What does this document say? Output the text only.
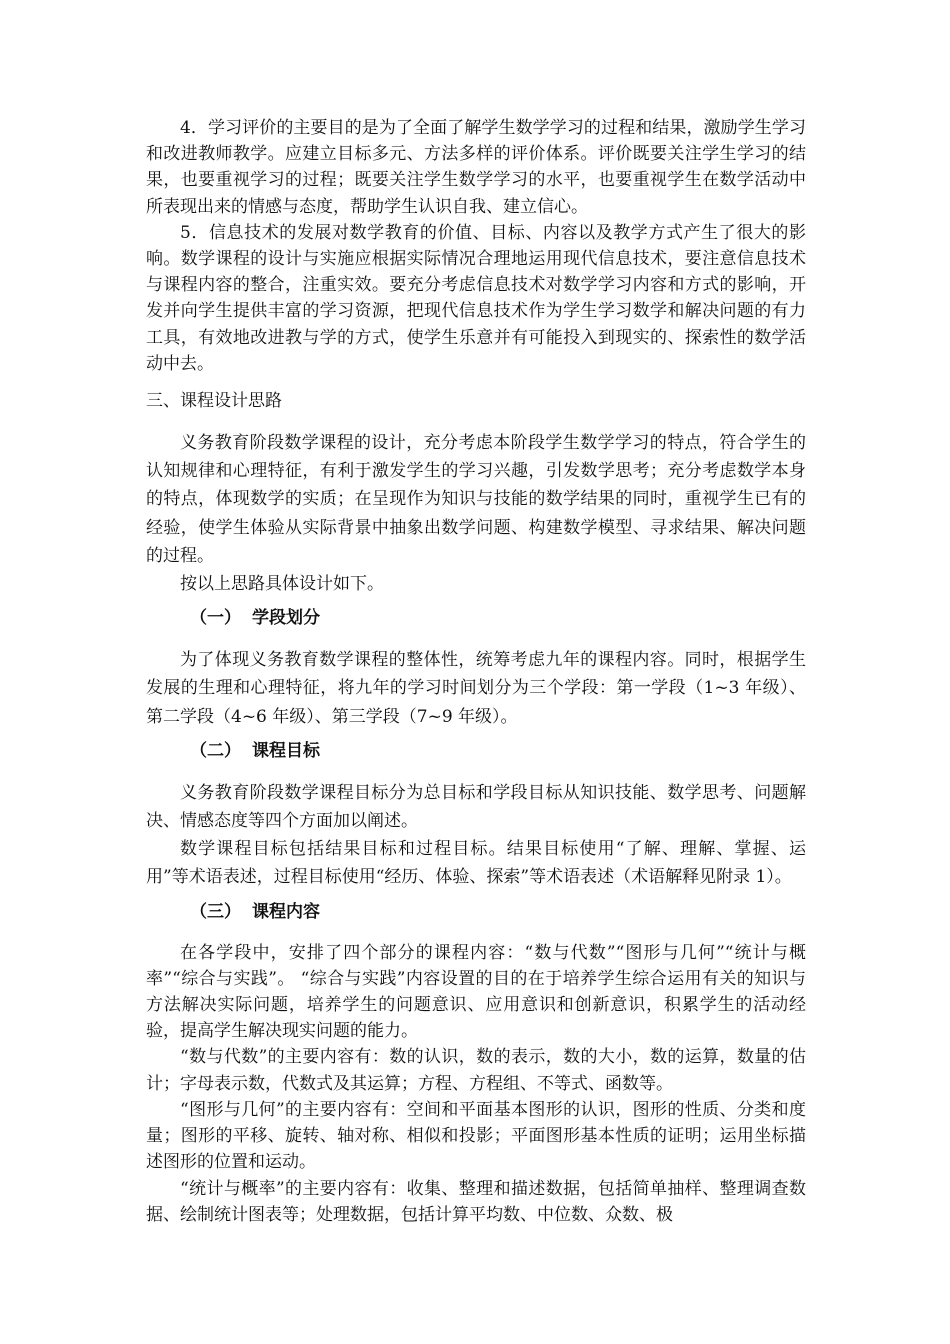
4．学习评价的主要目的是为了全面了解学生数学学习的过程和结果，激励学生学习和改进教师教学。应建立目标多元、方法多样的评价体系。评价既要关注学生学习的结果，也要重视学习的过程；既要关注学生数学学习的水平，也要重视学生在数学活动中所表现出来的情感与态度，帮助学生认识自我、建立信心。

5．信息技术的发展对数学教育的价值、目标、内容以及教学方式产生了很大的影响。数学课程的设计与实施应根据实际情况合理地运用现代信息技术，要注意信息技术与课程内容的整合，注重实效。要充分考虑信息技术对数学学习内容和方式的影响，开发并向学生提供丰富的学习资源，把现代信息技术作为学生学习数学和解决问题的有力工具，有效地改进教与学的方式，使学生乐意并有可能投入到现实的、探索性的数学活动中去。

三、课程设计思路

义务教育阶段数学课程的设计，充分考虑本阶段学生数学学习的特点，符合学生的认知规律和心理特征，有利于激发学生的学习兴趣，引发数学思考；充分考虑数学本身的特点，体现数学的实质；在呈现作为知识与技能的数学结果的同时，重视学生已有的经验，使学生体验从实际背景中抽象出数学问题、构建数学模型、寻求结果、解决问题的过程。

按以上思路具体设计如下。

（一） 学段划分

为了体现义务教育数学课程的整体性，统筹考虑九年的课程内容。同时，根据学生发展的生理和心理特征，将九年的学习时间划分为三个学段：第一学段（1~3 年级）、第二学段（4~6 年级）、第三学段（7~9 年级）。

（二） 课程目标

义务教育阶段数学课程目标分为总目标和学段目标从知识技能、数学思考、问题解决、情感态度等四个方面加以阐述。

数学课程目标包括结果目标和过程目标。结果目标使用“了解、理解、掌握、运用”等术语表述，过程目标使用“经历、体验、探索”等术语表述（术语解释见附录 1）。

（三） 课程内容

在各学段中，安排了四个部分的课程内容：“数与代数”“图形与几何”“统计与概率”“综合与实践”。 “综合与实践”内容设置的目的在于培养学生综合运用有关的知识与方法解决实际问题，培养学生的问题意识、应用意识和创新意识，积累学生的活动经验，提高学生解决现实问题的能力。

“数与代数”的主要内容有：数的认识，数的表示，数的大小，数的运算，数量的估计；字母表示数，代数式及其运算；方程、方程组、不等式、函数等。

“图形与几何”的主要内容有：空间和平面基本图形的认识，图形的性质、分类和度量；图形的平移、旋转、轴对称、相似和投影；平面图形基本性质的证明；运用坐标描述图形的位置和运动。

“统计与概率”的主要内容有：收集、整理和描述数据，包括简单抽样、整理调查数据、绘制统计图表等；处理数据，包括计算平均数、中位数、众数、极
